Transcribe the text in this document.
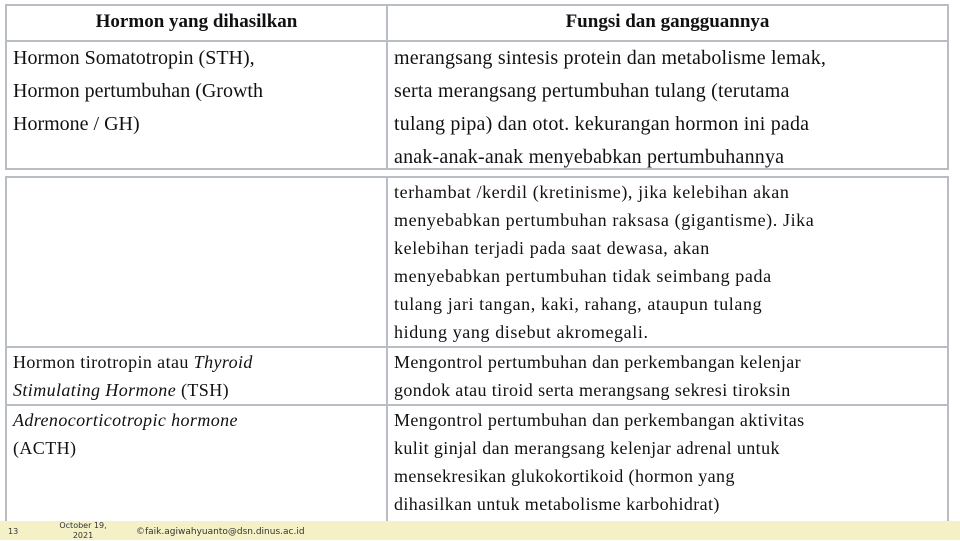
Hormon yang dihasilkan	Fungsi dan gangguannya
Hormon Somatotropin (STH),
Hormon pertumbuhan (Growth
Hormone / GH)
merangsang sintesis protein dan metabolisme lemak,
serta merangsang pertumbuhan tulang (terutama
tulang pipa) dan otot. kekurangan hormon ini pada
anak-anak-anak menyebabkan pertumbuhannya
terhambat /kerdil (kretinisme), jika kelebihan akan
menyebabkan pertumbuhan raksasa (gigantisme). Jika
kelebihan terjadi pada saat dewasa, akan
menyebabkan pertumbuhan tidak seimbang pada
tulang jari tangan, kaki, rahang, ataupun tulang
hidung yang disebut akromegali.
Hormon tirotropin atau Thyroid
Stimulating Hormone (TSH)
Mengontrol pertumbuhan dan perkembangan kelenjar
gondok atau tiroid serta merangsang sekresi tiroksin
Adrenocorticotropic hormone
(ACTH)
Mengontrol pertumbuhan dan perkembangan aktivitas
kulit ginjal dan merangsang kelenjar adrenal untuk
mensekresikan glukokortikoid (hormon yang
dihasilkan untuk metabolisme karbohidrat)
13
October 19, 2021	©faik.agiwahyuanto@dsn.dinus.ac.id
